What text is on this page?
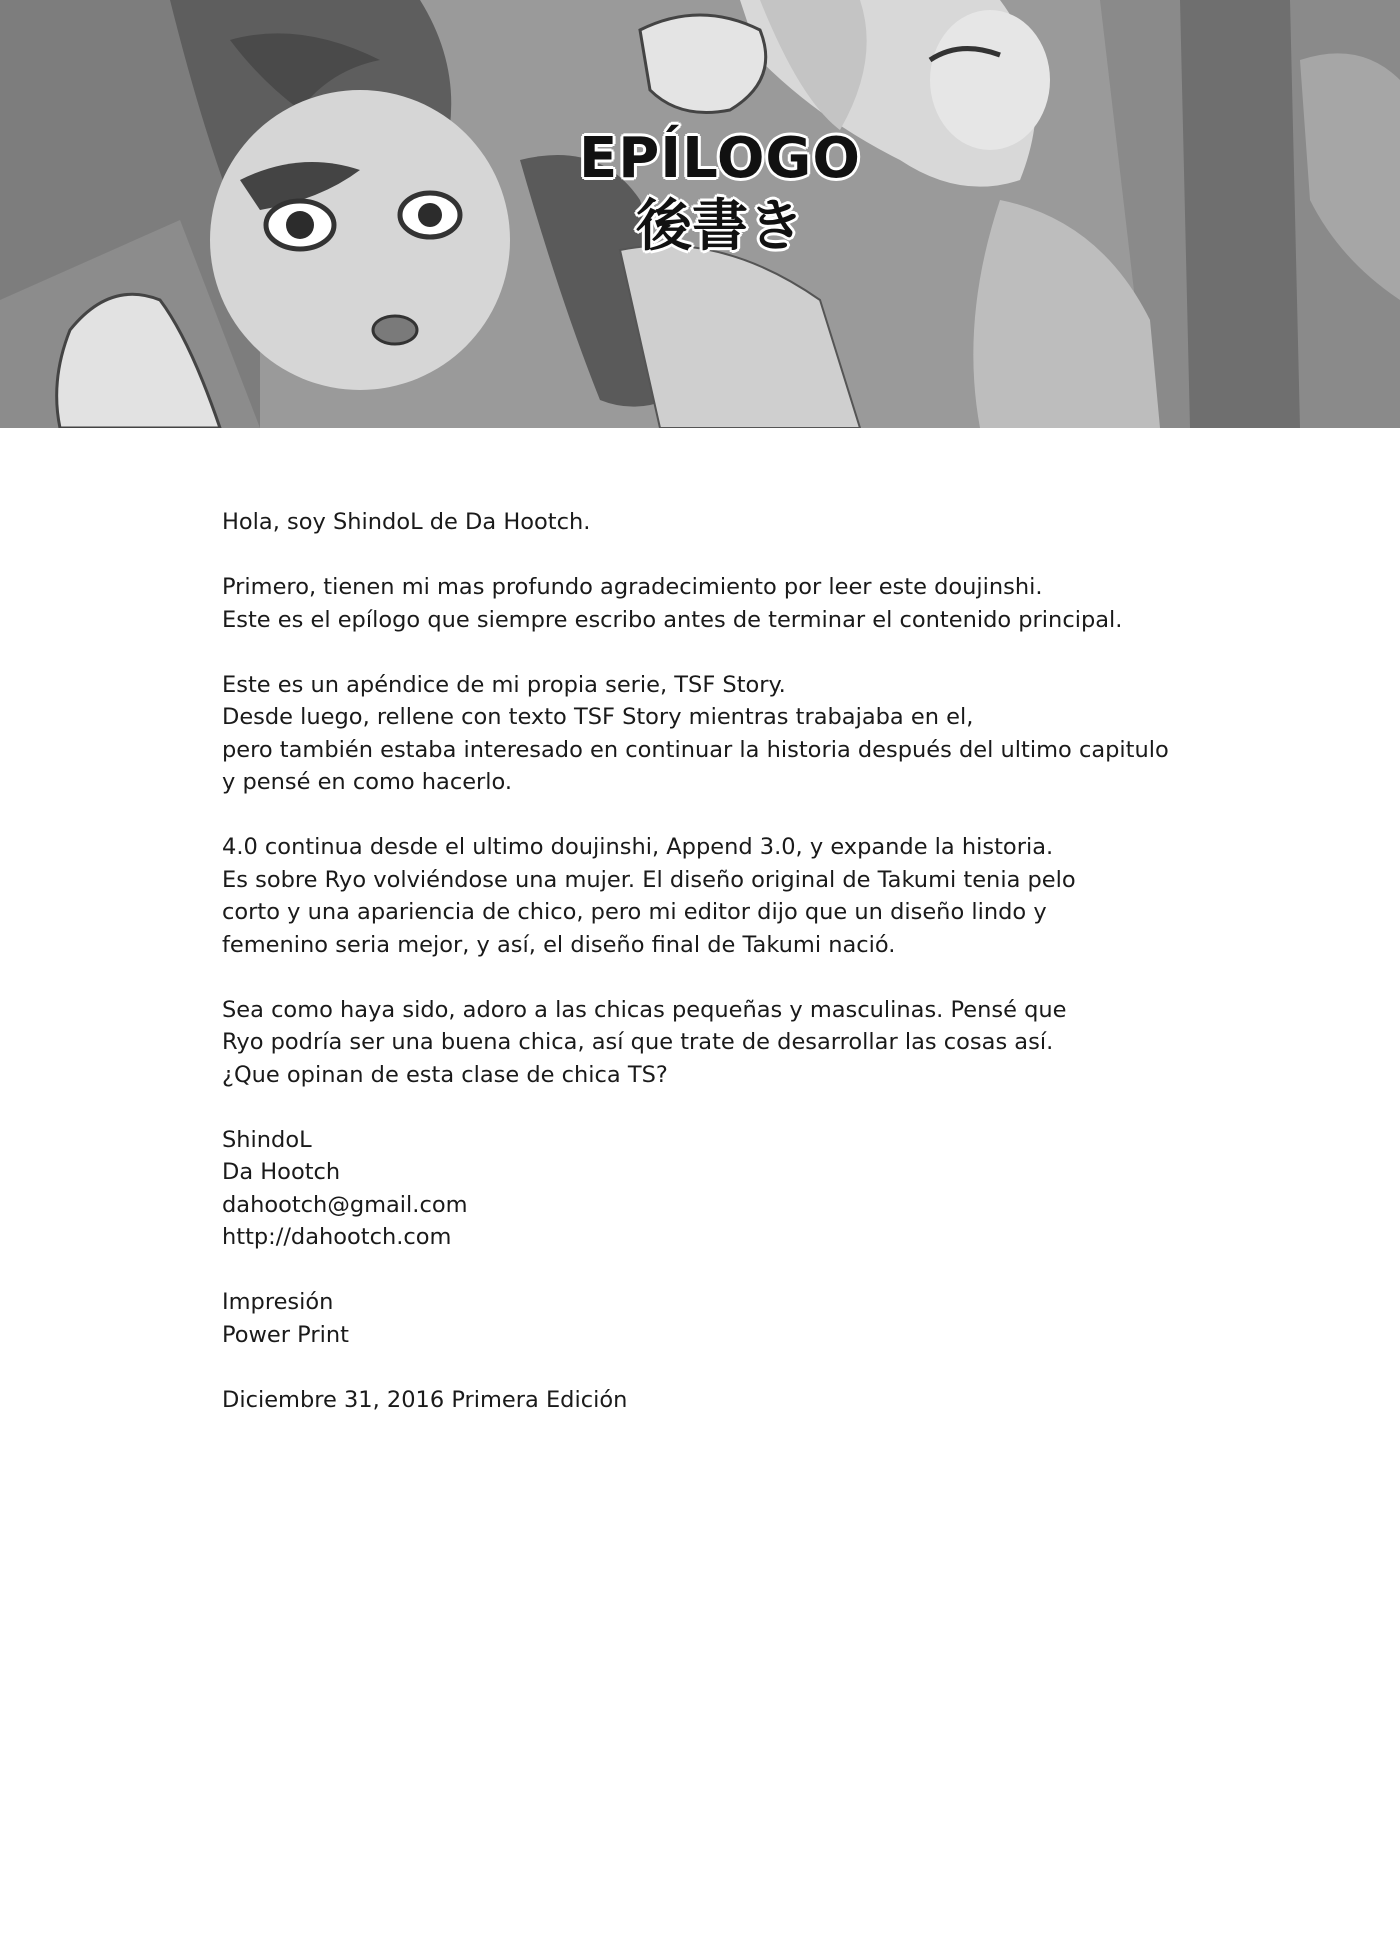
EPÍLOGO
後書き

Hola, soy ShindoL de Da Hootch.

Primero, tienen mi mas profundo agradecimiento por leer este doujinshi.
Este es el epílogo que siempre escribo antes de terminar el contenido principal.

Este es un apéndice de mi propia serie, TSF Story.
Desde luego, rellene con texto TSF Story mientras trabajaba en el,
pero también estaba interesado en continuar la historia después del ultimo capitulo
y pensé en como hacerlo.

4.0 continua desde el ultimo doujinshi, Append 3.0, y expande la historia.
Es sobre Ryo volviéndose una mujer. El diseño original de Takumi tenia pelo
corto y una apariencia de chico, pero mi editor dijo que un diseño lindo y
femenino seria mejor, y así, el diseño final de Takumi nació.

Sea como haya sido, adoro a las chicas pequeñas y masculinas. Pensé que
Ryo podría ser una buena chica, así que trate de desarrollar las cosas así.
¿Que opinan de esta clase de chica TS?

ShindoL
Da Hootch
dahootch@gmail.com
http://dahootch.com

Impresión
Power Print

Diciembre 31, 2016 Primera Edición
